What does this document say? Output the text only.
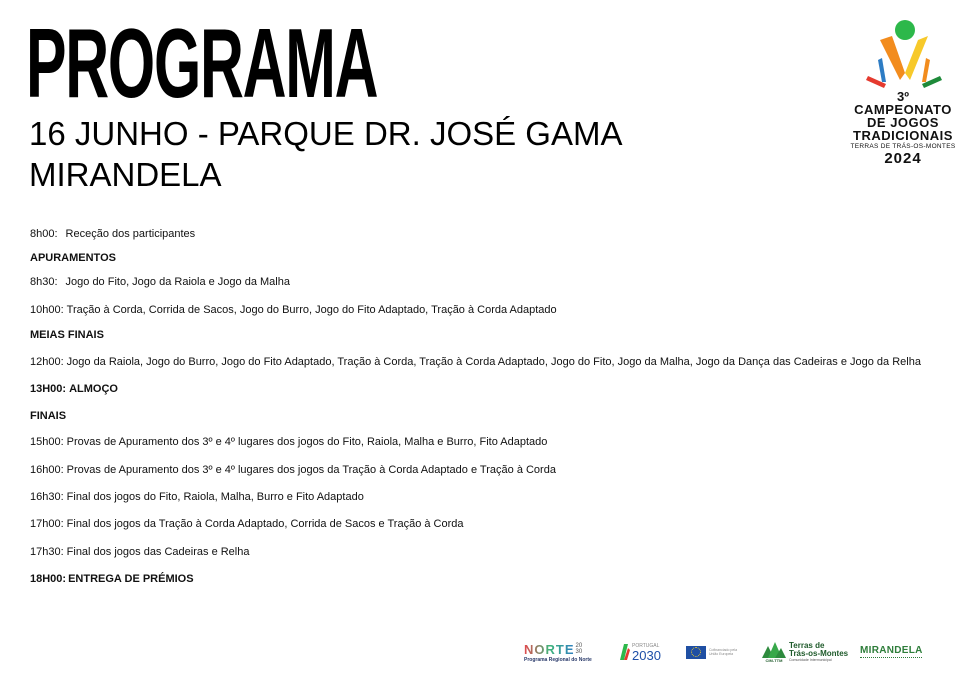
PROGRAMA
16 JUNHO - PARQUE DR. JOSÉ GAMA
MIRANDELA
3º
CAMPEONATO
DE JOGOS
TRADICIONAIS
TERRAS DE TRÁS-OS-MONTES
2024
8h00: Receção dos participantes
APURAMENTOS
8h30: Jogo do Fito, Jogo da Raiola e Jogo da Malha
10h00: Tração à Corda, Corrida de Sacos, Jogo do Burro, Jogo do Fito Adaptado, Tração à Corda Adaptado
MEIAS FINAIS
12h00: Jogo da Raiola, Jogo do Burro, Jogo do Fito Adaptado, Tração à Corda, Tração à Corda Adaptado, Jogo do Fito, Jogo da Malha, Jogo da Dança das Cadeiras e Jogo da Relha
13H00: ALMOÇO
FINAIS
15h00: Provas de Apuramento dos 3º e 4º lugares dos jogos do Fito, Raiola, Malha e Burro, Fito Adaptado
16h00: Provas de Apuramento dos 3º e 4º lugares dos jogos da Tração à Corda Adaptado e Tração à Corda
16h30: Final dos jogos do Fito, Raiola, Malha, Burro e Fito Adaptado
17h00: Final dos jogos da Tração à Corda Adaptado, Corrida de Sacos e Tração à Corda
17h30: Final dos jogos das Cadeiras e Relha
18H00: ENTREGA DE PRÉMIOS
NORTE 20
30
Programa Regional do Norte
PORTUGAL
2030	Cofinanciado pela União Europeia
CIM-TTM
Terras de
Trás-os-Montes
Comunidade Intermunicipal
MIRANDELA
